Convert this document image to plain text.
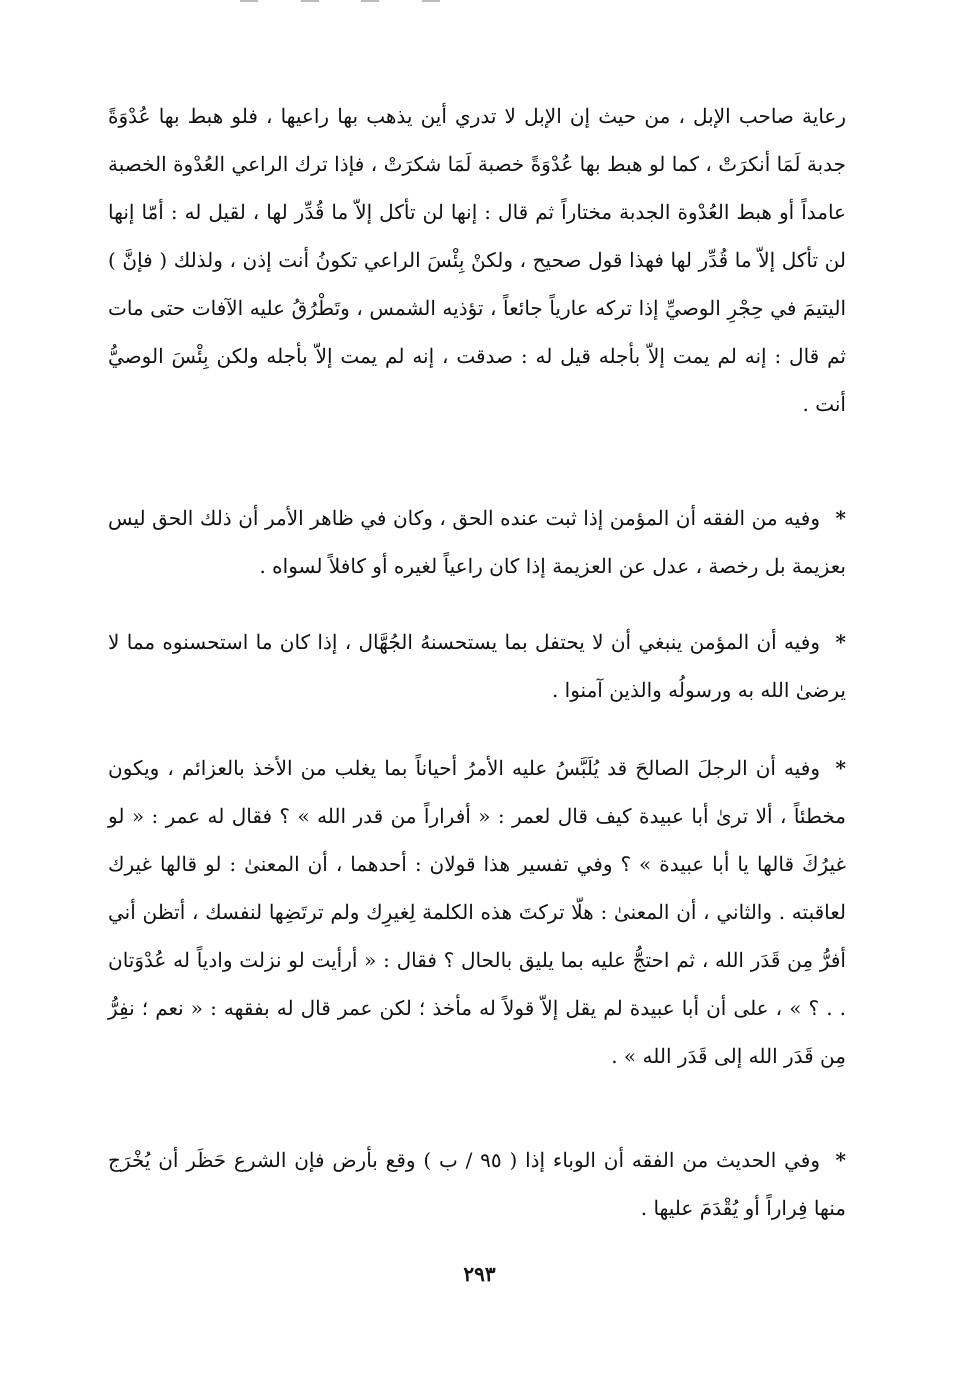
رعاية صاحب الإبل ، من حيث إن الإبل لا تدري أين يذهب بها راعيها ، فلو هبط بها عُدْوَةً جدبة لَمَا أنكرَتْ ، كما لو هبط بها عُدْوَةً خصبة لَمَا شكرَتْ ، فإذا ترك الراعي العُدْوة الخصبة عامداً أو هبط العُدْوة الجدبة مختاراً ثم قال : إنها لن تأكل إلاّ ما قُدِّر لها ، لقيل له : أمّا إنها لن تأكل إلاّ ما قُدِّر لها فهذا قول صحيح ، ولكنْ بِئْسَ الراعي تكونُ أنت إذن ، ولذلك ( فإنَّ ) اليتيمَ في حِجْرِ الوصيِّ إذا تركه عارياً جائعاً ، تؤذيه الشمس ، وتَطْرُقُ عليه الآفات حتى مات ثم قال : إنه لم يمت إلاّ بأجله قيل له : صدقت ، إنه لم يمت إلاّ بأجله ولكن بِئْسَ الوصيُّ أنت .

*وفيه من الفقه أن المؤمن إذا ثبت عنده الحق ، وكان في ظاهر الأمر أن ذلك الحق ليس بعزيمة بل رخصة ، عدل عن العزيمة إذا كان راعياً لغيره أو كافلاً لسواه .

*وفيه أن المؤمن ينبغي أن لا يحتفل بما يستحسنهُ الجُهَّال ، إذا كان ما استحسنوه مما لا يرضىٰ الله به ورسولُه والذين آمنوا .

*وفيه أن الرجلَ الصالحَ قد يُلَبَّسُ عليه الأمرُ أحياناً بما يغلب من الأخذ بالعزائم ، ويكون مخطئاً ، ألا ترىٰ أبا عبيدة كيف قال لعمر : « أفراراً من قدر الله » ؟ فقال له عمر : « لو غيرُكَ قالها يا أبا عبيدة » ؟ وفي تفسير هذا قولان : أحدهما ، أن المعنىٰ : لو قالها غيرك لعاقبته . والثاني ، أن المعنىٰ : هلّا تركتَ هذه الكلمة لِغيرِك ولم ترتَضِها لنفسك ، أتظن أني أفرُّ مِن قَدَر الله ، ثم احتجُّ عليه بما يليق بالحال ؟ فقال : « أرأيت لو نزلت وادياً له عُدْوَتان . . ؟ » ، على أن أبا عبيدة لم يقل إلاّ قولاً له مأخذ ؛ لكن عمر قال له بفقهه : « نعم ؛ نفِرُّ مِن قَدَر الله إلى قَدَر الله » .

*وفي الحديث من الفقه أن الوباء إذا ( ٩٥ / ب ) وقع بأرض فإن الشرع حَظَر أن يُخْرَج منها فِراراً أو يُقْدَمَ عليها .

٢٩٣
